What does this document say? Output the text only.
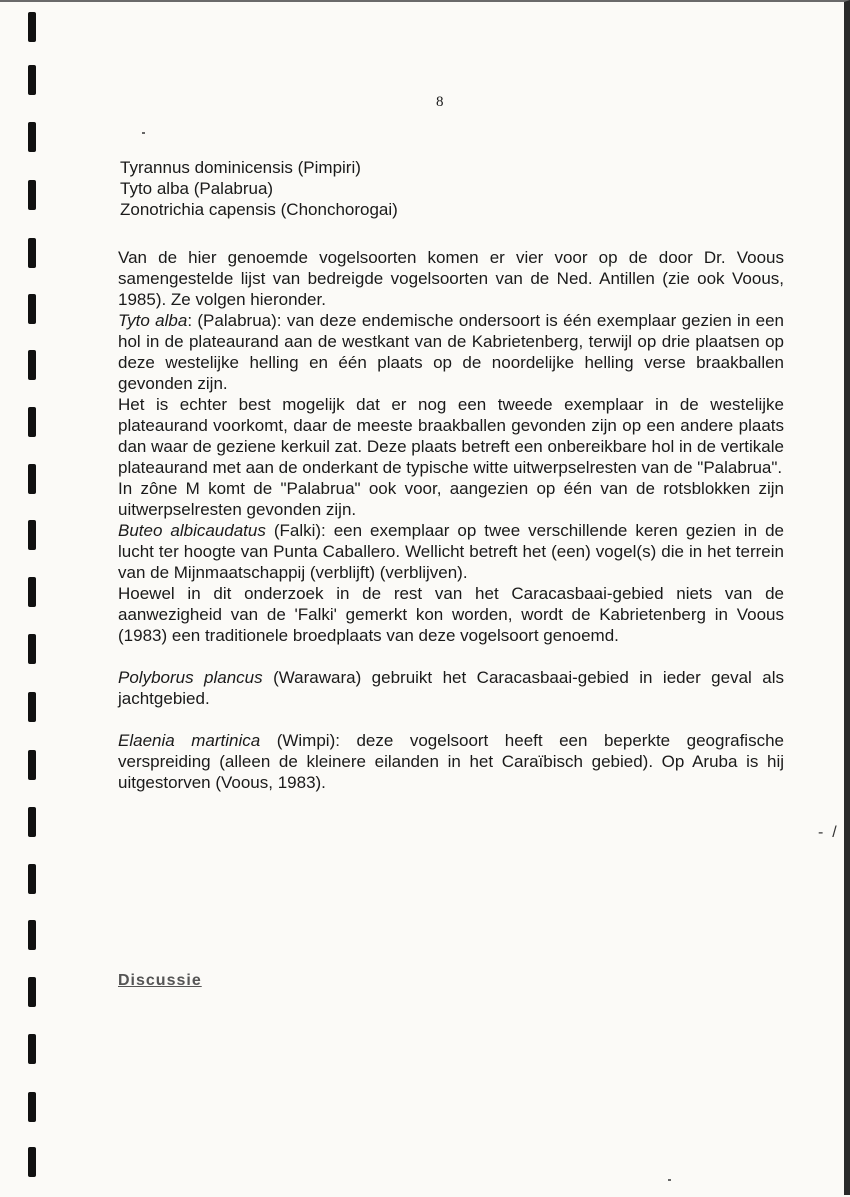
8
Tyrannus dominicensis (Pimpiri)
Tyto alba (Palabrua)
Zonotrichia capensis (Chonchorogai)

Van de hier genoemde vogelsoorten komen er vier voor op de door Dr. Voous samengestelde lijst van bedreigde vogelsoorten van de Ned. Antillen (zie ook Voous, 1985). Ze volgen hieronder.

Tyto alba: (Palabrua): van deze endemische ondersoort is één exemplaar gezien in een hol in de plateaurand aan de westkant van de Kabrietenberg, terwijl op drie plaatsen op deze westelijke helling en één plaats op de noordelijke helling verse braakballen gevonden zijn.

Het is echter best mogelijk dat er nog een tweede exemplaar in de westelijke plateaurand voorkomt, daar de meeste braakballen gevonden zijn op een andere plaats dan waar de geziene kerkuil zat. Deze plaats betreft een onbereikbare hol in de vertikale plateaurand met aan de onderkant de typische witte uitwerpselresten van de "Palabrua".

In zône M komt de "Palabrua" ook voor, aangezien op één van de rotsblokken zijn uitwerpselresten gevonden zijn.

Buteo albicaudatus (Falki): een exemplaar op twee verschillende keren gezien in de lucht ter hoogte van Punta Caballero. Wellicht betreft het (een) vogel(s) die in het terrein van de Mijnmaatschappij (verblijft) (verblijven).

Hoewel in dit onderzoek in de rest van het Caracasbaai-gebied niets van de aanwezigheid van de 'Falki' gemerkt kon worden, wordt de Kabrietenberg in Voous (1983) een traditionele broedplaats van deze vogelsoort genoemd.

Polyborus plancus (Warawara) gebruikt het Caracasbaai-gebied in ieder geval als jachtgebied.

Elaenia martinica (Wimpi): deze vogelsoort heeft een beperkte geografische verspreiding (alleen de kleinere eilanden in het Caraïbisch gebied). Op Aruba is hij uitgestorven (Voous, 1983).

-  /
Discussie
